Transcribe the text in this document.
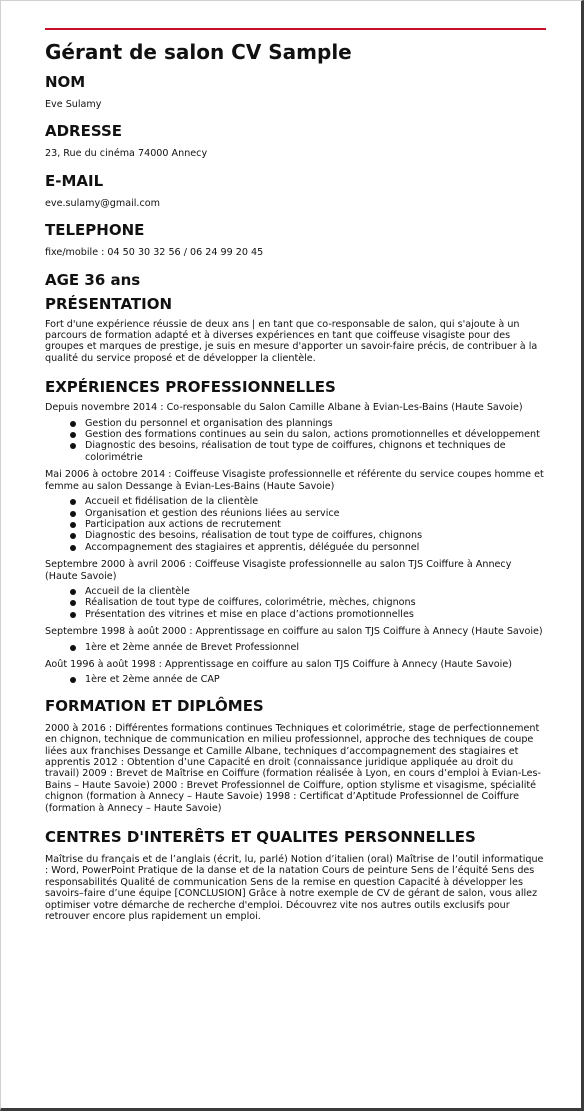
Gérant de salon CV Sample
NOM

Eve Sulamy

ADRESSE

23, Rue du cinéma 74000 Annecy

E-MAIL

eve.sulamy@gmail.com

TELEPHONE

fixe/mobile : 04 50 30 32 56 / 06 24 99 20 45

AGE 36 ans
PRÉSENTATION

Fort d'une expérience réussie de deux ans | en tant que co-responsable de salon, qui s'ajoute à un parcours de formation adapté et à diverses expériences en tant que coiffeuse visagiste pour des groupes et marques de prestige, je suis en mesure d'apporter un savoir-faire précis, de contribuer à la qualité du service proposé et de développer la clientèle.

EXPÉRIENCES PROFESSIONNELLES

Depuis novembre 2014 : Co-responsable du Salon Camille Albane à Evian-Les-Bains (Haute Savoie)

Gestion du personnel et organisation des plannings
Gestion des formations continues au sein du salon, actions promotionnelles et développement
Diagnostic des besoins, réalisation de tout type de coiffures, chignons et techniques de colorimétrie

Mai 2006 à octobre 2014 : Coiffeuse Visagiste professionnelle et référente du service coupes homme et femme au salon Dessange à Evian-Les-Bains (Haute Savoie)

Accueil et fidélisation de la clientèle
Organisation et gestion des réunions liées au service
Participation aux actions de recrutement
Diagnostic des besoins, réalisation de tout type de coiffures, chignons
Accompagnement des stagiaires et apprentis, déléguée du personnel

Septembre 2000 à avril 2006 : Coiffeuse Visagiste professionnelle au salon TJS Coiffure à Annecy (Haute Savoie)

Accueil de la clientèle
Réalisation de tout type de coiffures, colorimétrie, mèches, chignons
Présentation des vitrines et mise en place d’actions promotionnelles

Septembre 1998 à août 2000 : Apprentissage en coiffure au salon TJS Coiffure à Annecy (Haute Savoie)

1ère et 2ème année de Brevet Professionnel

Août 1996 à août 1998 : Apprentissage en coiffure au salon TJS Coiffure à Annecy (Haute Savoie)

1ère et 2ème année de CAP
FORMATION ET DIPLÔMES

2000 à 2016 : Différentes formations continues Techniques et colorimétrie, stage de perfectionnement en chignon, technique de communication en milieu professionnel, approche des techniques de coupe liées aux franchises Dessange et Camille Albane, techniques d’accompagnement des stagiaires et apprentis 2012 : Obtention d’une Capacité en droit (connaissance juridique appliquée au droit du travail) 2009 : Brevet de Maîtrise en Coiffure (formation réalisée à Lyon, en cours d’emploi à Evian-Les-Bains – Haute Savoie) 2000 : Brevet Professionnel de Coiffure, option stylisme et visagisme, spécialité chignon (formation à Annecy – Haute Savoie) 1998 : Certificat d’Aptitude Professionnel de Coiffure (formation à Annecy – Haute Savoie)

CENTRES D'INTERÊTS ET QUALITES PERSONNELLES

Maîtrise du français et de l’anglais (écrit, lu, parlé) Notion d’italien (oral) Maîtrise de l’outil informatique : Word, PowerPoint Pratique de la danse et de la natation Cours de peinture Sens de l’équité Sens des responsabilités Qualité de communication Sens de la remise en question Capacité à développer les savoirs–faire d’une équipe [CONCLUSION] Grâce à notre exemple de CV de gérant de salon, vous allez optimiser votre démarche de recherche d'emploi. Découvrez vite nos autres outils exclusifs pour retrouver encore plus rapidement un emploi.
